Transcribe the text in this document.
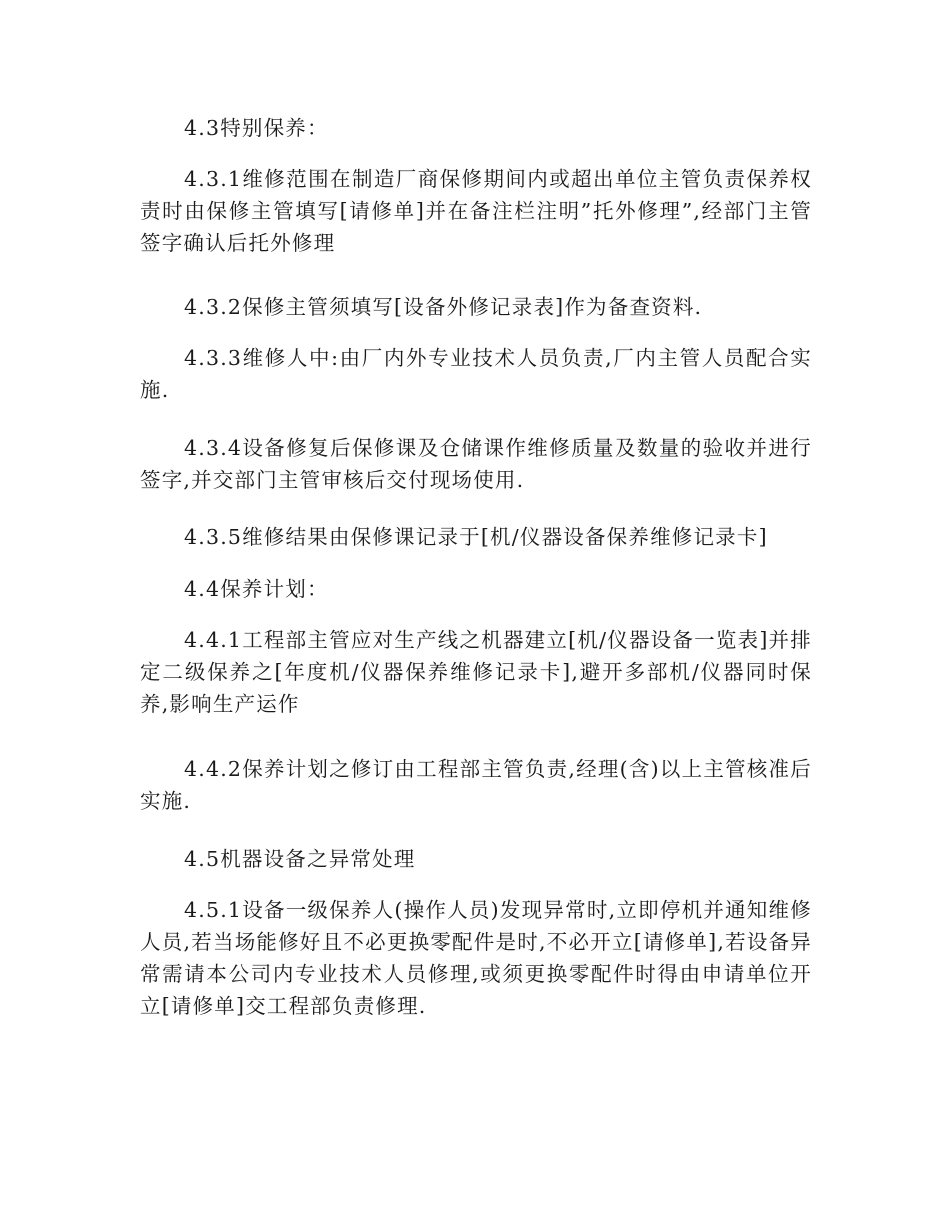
4.3特别保养：

4.3.1维修范围在制造厂商保修期间内或超出单位主管负责保养权责时由保修主管填写[请修单]并在备注栏注明”托外修理”,经部门主管签字确认后托外修理

4.3.2保修主管须填写[设备外修记录表]作为备查资料.

4.3.3维修人中:由厂内外专业技术人员负责,厂内主管人员配合实施.

4.3.4设备修复后保修课及仓储课作维修质量及数量的验收并进行签字,并交部门主管审核后交付现场使用.

4.3.5维修结果由保修课记录于[机/仪器设备保养维修记录卡]

4.4保养计划：

4.4.1工程部主管应对生产线之机器建立[机/仪器设备一览表]并排定二级保养之[年度机/仪器保养维修记录卡],避开多部机/仪器同时保养,影响生产运作

4.4.2保养计划之修订由工程部主管负责,经理(含)以上主管核准后实施.

4.5机器设备之异常处理

4.5.1设备一级保养人(操作人员)发现异常时,立即停机并通知维修人员,若当场能修好且不必更换零配件是时,不必开立[请修单],若设备异常需请本公司内专业技术人员修理,或须更换零配件时得由申请单位开立[请修单]交工程部负责修理.
